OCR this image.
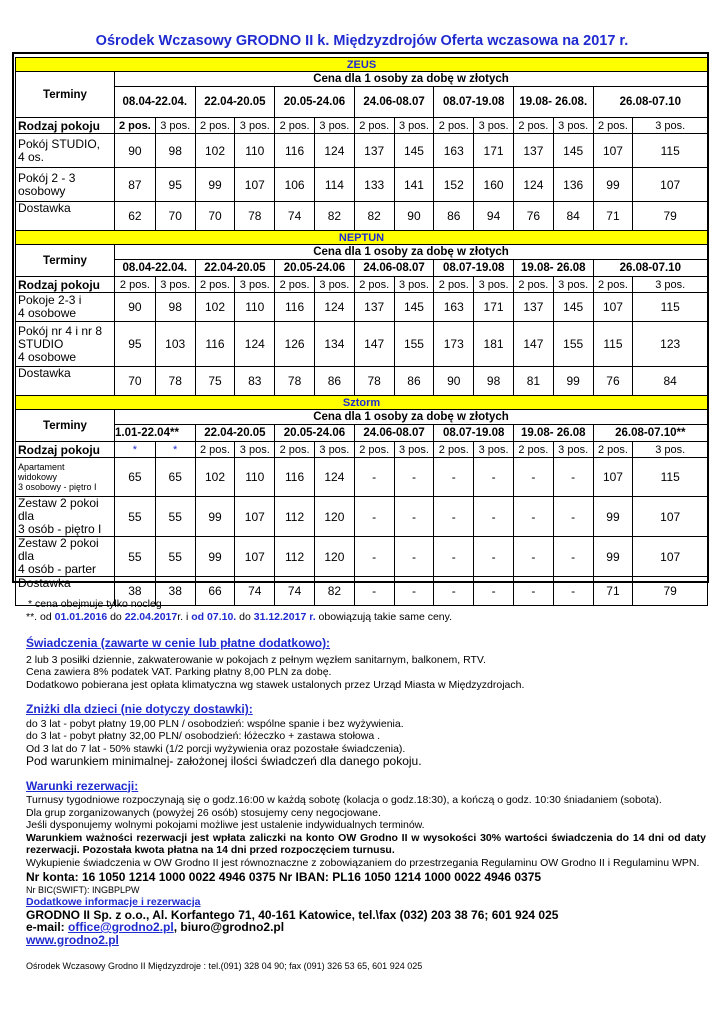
Ośrodek Wczasowy GRODNO II k. Międzyzdrojów Oferta wczasowa na 2017 r.
ZEUS														
Terminy	Cena dla 1 osoby za dobę w złotych													
	08.04-22.04.		22.04-20.05		20.05-24.06		24.06-08.07		08.07-19.08		19.08- 26.08.		26.08-07.10	
Rodzaj pokoju	2 pos.	3 pos.	2 pos.	3 pos.	2 pos.	3 pos.	2 pos.	3 pos.	2 pos.	3 pos.	2 pos.	3 pos.	2 pos.	3 pos.

Pokój STUDIO,
4 os.	90	98	102	110	116	124	137	145	163	171	137	145	107	115

Pokój 2 - 3
osobowy	87	95	99	107	106	114	133	141	152	160	124	136	99	107

Dostawka	62	70	70	78	74	82	82	90	86	94	76	84	71	79
NEPTUN														
Terminy	Cena dla 1 osoby za dobę w złotych													
	08.04-22.04.		22.04-20.05		20.05-24.06		24.06-08.07		08.07-19.08		19.08- 26.08		26.08-07.10	
Rodzaj pokoju	2 pos.	3 pos.	2 pos.	3 pos.	2 pos.	3 pos.	2 pos.	3 pos.	2 pos.	3 pos.	2 pos.	3 pos.	2 pos.	3 pos.

Pokoje 2-3 i
4 osobowe	90	98	102	110	116	124	137	145	163	171	137	145	107	115

Pokój nr 4 i nr 8
STUDIO
4 osobowe	95	103	116	124	126	134	147	155	173	181	147	155	115	123

Dostawka	70	78	75	83	78	86	78	86	90	98	81	99	76	84
Sztorm														
Terminy	Cena dla 1 osoby za dobę w złotych													
	1.01-22.04**		22.04-20.05		20.05-24.06		24.06-08.07		08.07-19.08		19.08- 26.08		26.08-07.10**	
Rodzaj pokoju	*	*	2 pos.	3 pos.	2 pos.	3 pos.	2 pos.	3 pos.	2 pos.	3 pos.	2 pos.	3 pos.	2 pos.	3 pos.

Apartament
widokowy
3 osobowy - piętro I	65	65	102	110	116	124	-	-	-	-	-	-	107	115

Zestaw 2 pokoi dla
3 osób - piętro I	55	55	99	107	112	120	-	-	-	-	-	-	99	107

Zestaw 2 pokoi dla
4 osób - parter	55	55	99	107	112	120	-	-	-	-	-	-	99	107

Dostawka	38	38	66	74	74	82	-	-	-	-	-	-	71	79

* cena obejmuje tylko nocleg

**. od 01.01.2016 do 22.04.2017r. i od 07.10. do 31.12.2017 r. obowiązują takie same ceny.

Świadczenia (zawarte w cenie lub płatne dodatkowo):

2 lub 3 posiłki dziennie, zakwaterowanie w pokojach z pełnym węzłem sanitarnym, balkonem, RTV.

Cena zawiera 8% podatek VAT. Parking płatny 8,00 PLN za dobę.

Dodatkowo pobierana jest opłata klimatyczna wg stawek ustalonych przez Urząd Miasta w Międzyzdrojach.

Zniżki dla dzieci (nie dotyczy dostawki):

do 3 lat - pobyt płatny 19,00 PLN / osobodzień: wspólne spanie i bez wyżywienia.

do 3 lat - pobyt płatny 32,00 PLN/ osobodzień: łóżeczko + zastawa stołowa .

Od 3 lat do 7 lat - 50% stawki (1/2 porcji wyżywienia oraz pozostałe świadczenia).

Pod warunkiem minimalnej- założonej ilości świadczeń dla danego pokoju.

Warunki rezerwacji:

Turnusy tygodniowe rozpoczynają się o godz.16:00 w każdą sobotę (kolacja o godz.18:30), a kończą o godz. 10:30 śniadaniem (sobota).

Dla grup zorganizowanych (powyżej 26 osób) stosujemy ceny negocjowane.

Jeśli dysponujemy wolnymi pokojami możliwe jest ustalenie indywidualnych terminów.

Warunkiem ważności rezerwacji jest wpłata zaliczki na konto OW Grodno II w wysokości 30% wartości świadczenia do 14 dni od daty rezerwacji. Pozostała kwota płatna na 14 dni przed rozpoczęciem turnusu.

Wykupienie świadczenia w OW Grodno II jest równoznaczne z zobowiązaniem do przestrzegania Regulaminu OW Grodno II i Regulaminu WPN.

Nr konta: 16 1050 1214 1000 0022 4946 0375 Nr IBAN: PL16 1050 1214 1000 0022 4946 0375

Nr BIC(SWIFT): INGBPLPW

Dodatkowe informacje i rezerwacja

GRODNO II Sp. z o.o., Al. Korfantego 71, 40-161 Katowice, tel.\fax (032) 203 38 76; 601 924 025

e-mail: office@grodno2.pl, biuro@grodno2.pl

www.grodno2.pl

Ośrodek Wczasowy Grodno II Międzyzdroje : tel.(091) 328 04 90; fax (091) 326 53 65, 601 924 025
